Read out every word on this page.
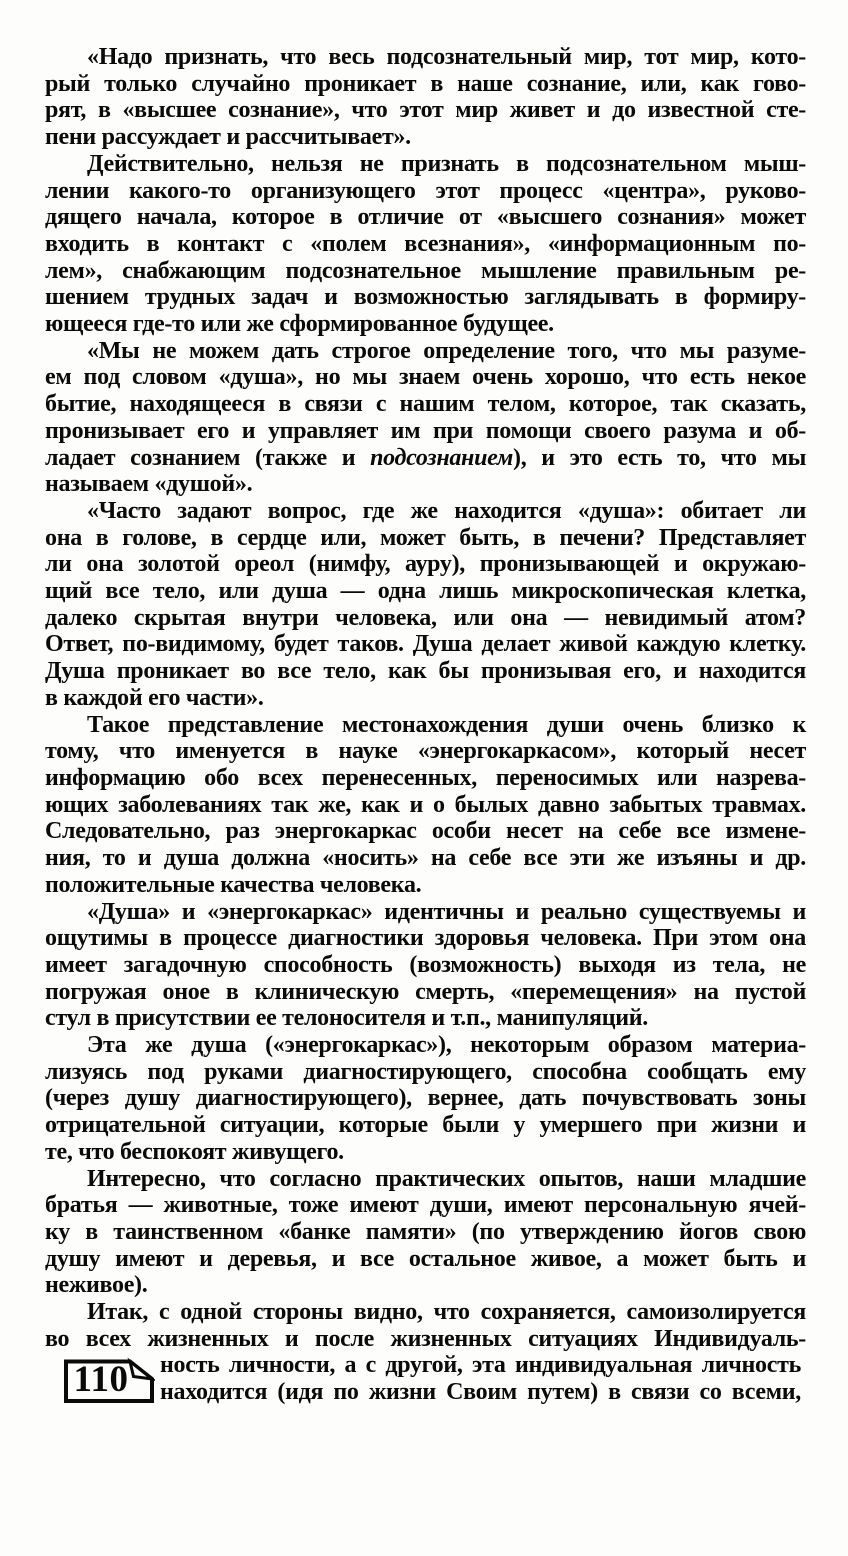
«Надо признать, что весь подсознательный мир, тот мир, кото-
рый только случайно проникает в наше сознание, или, как гово-
рят, в «высшее сознание», что этот мир живет и до известной сте-
пени рассуждает и рассчитывает».
Действительно, нельзя не признать в подсознательном мыш-
лении какого-то организующего этот процесс «центра», руково-
дящего начала, которое в отличие от «высшего сознания» может
входить в контакт с «полем всезнания», «информационным по-
лем», снабжающим подсознательное мышление правильным ре-
шением трудных задач и возможностью заглядывать в формиру-
ющееся где-то или же сформированное будущее.
«Мы не можем дать строгое определение того, что мы разуме-
ем под словом «душа», но мы знаем очень хорошо, что есть некое
бытие, находящееся в связи с нашим телом, которое, так сказать,
пронизывает его и управляет им при помощи своего разума и об-
ладает сознанием (также и подсознанием), и это есть то, что мы
называем «душой».
«Часто задают вопрос, где же находится «душа»: обитает ли
она в голове, в сердце или, может быть, в печени? Представляет
ли она золотой ореол (нимфу, ауру), пронизывающей и окружаю-
щий все тело, или душа — одна лишь микроскопическая клетка,
далеко скрытая внутри человека, или она — невидимый атом?
Ответ, по-видимому, будет таков. Душа делает живой каждую клетку.
Душа проникает во все тело, как бы пронизывая его, и находится
в каждой его части».
Такое представление местонахождения души очень близко к
тому, что именуется в науке «энергокаркасом», который несет
информацию обо всех перенесенных, переносимых или назрева-
ющих заболеваниях так же, как и о былых давно забытых травмах.
Следовательно, раз энергокаркас особи несет на себе все измене-
ния, то и душа должна «носить» на себе все эти же изъяны и др.
положительные качества человека.
«Душа» и «энергокаркас» идентичны и реально существуемы и
ощутимы в процессе диагностики здоровья человека. При этом она
имеет загадочную способность (возможность) выходя из тела, не
погружая оное в клиническую смерть, «перемещения» на пустой
стул в присутствии ее телоносителя и т.п., манипуляций.
Эта же душа («энергокаркас»), некоторым образом материа-
лизуясь под руками диагностирующего, способна сообщать ему
(через душу диагностирующего), вернее, дать почувствовать зоны
отрицательной ситуации, которые были у умершего при жизни и
те, что беспокоят живущего.
Интересно, что согласно практических опытов, наши младшие
братья — животные, тоже имеют души, имеют персональную ячей-
ку в таинственном «банке памяти» (по утверждению йогов свою
душу имеют и деревья, и все остальное живое, а может быть и
неживое).
Итак, с одной стороны видно, что сохраняется, самоизолируется
во всех жизненных и после жизненных ситуациях Индивидуаль-
110	ность личности, а с другой, эта индивидуальная личность
находится (идя по жизни Своим путем) в связи со всеми,
